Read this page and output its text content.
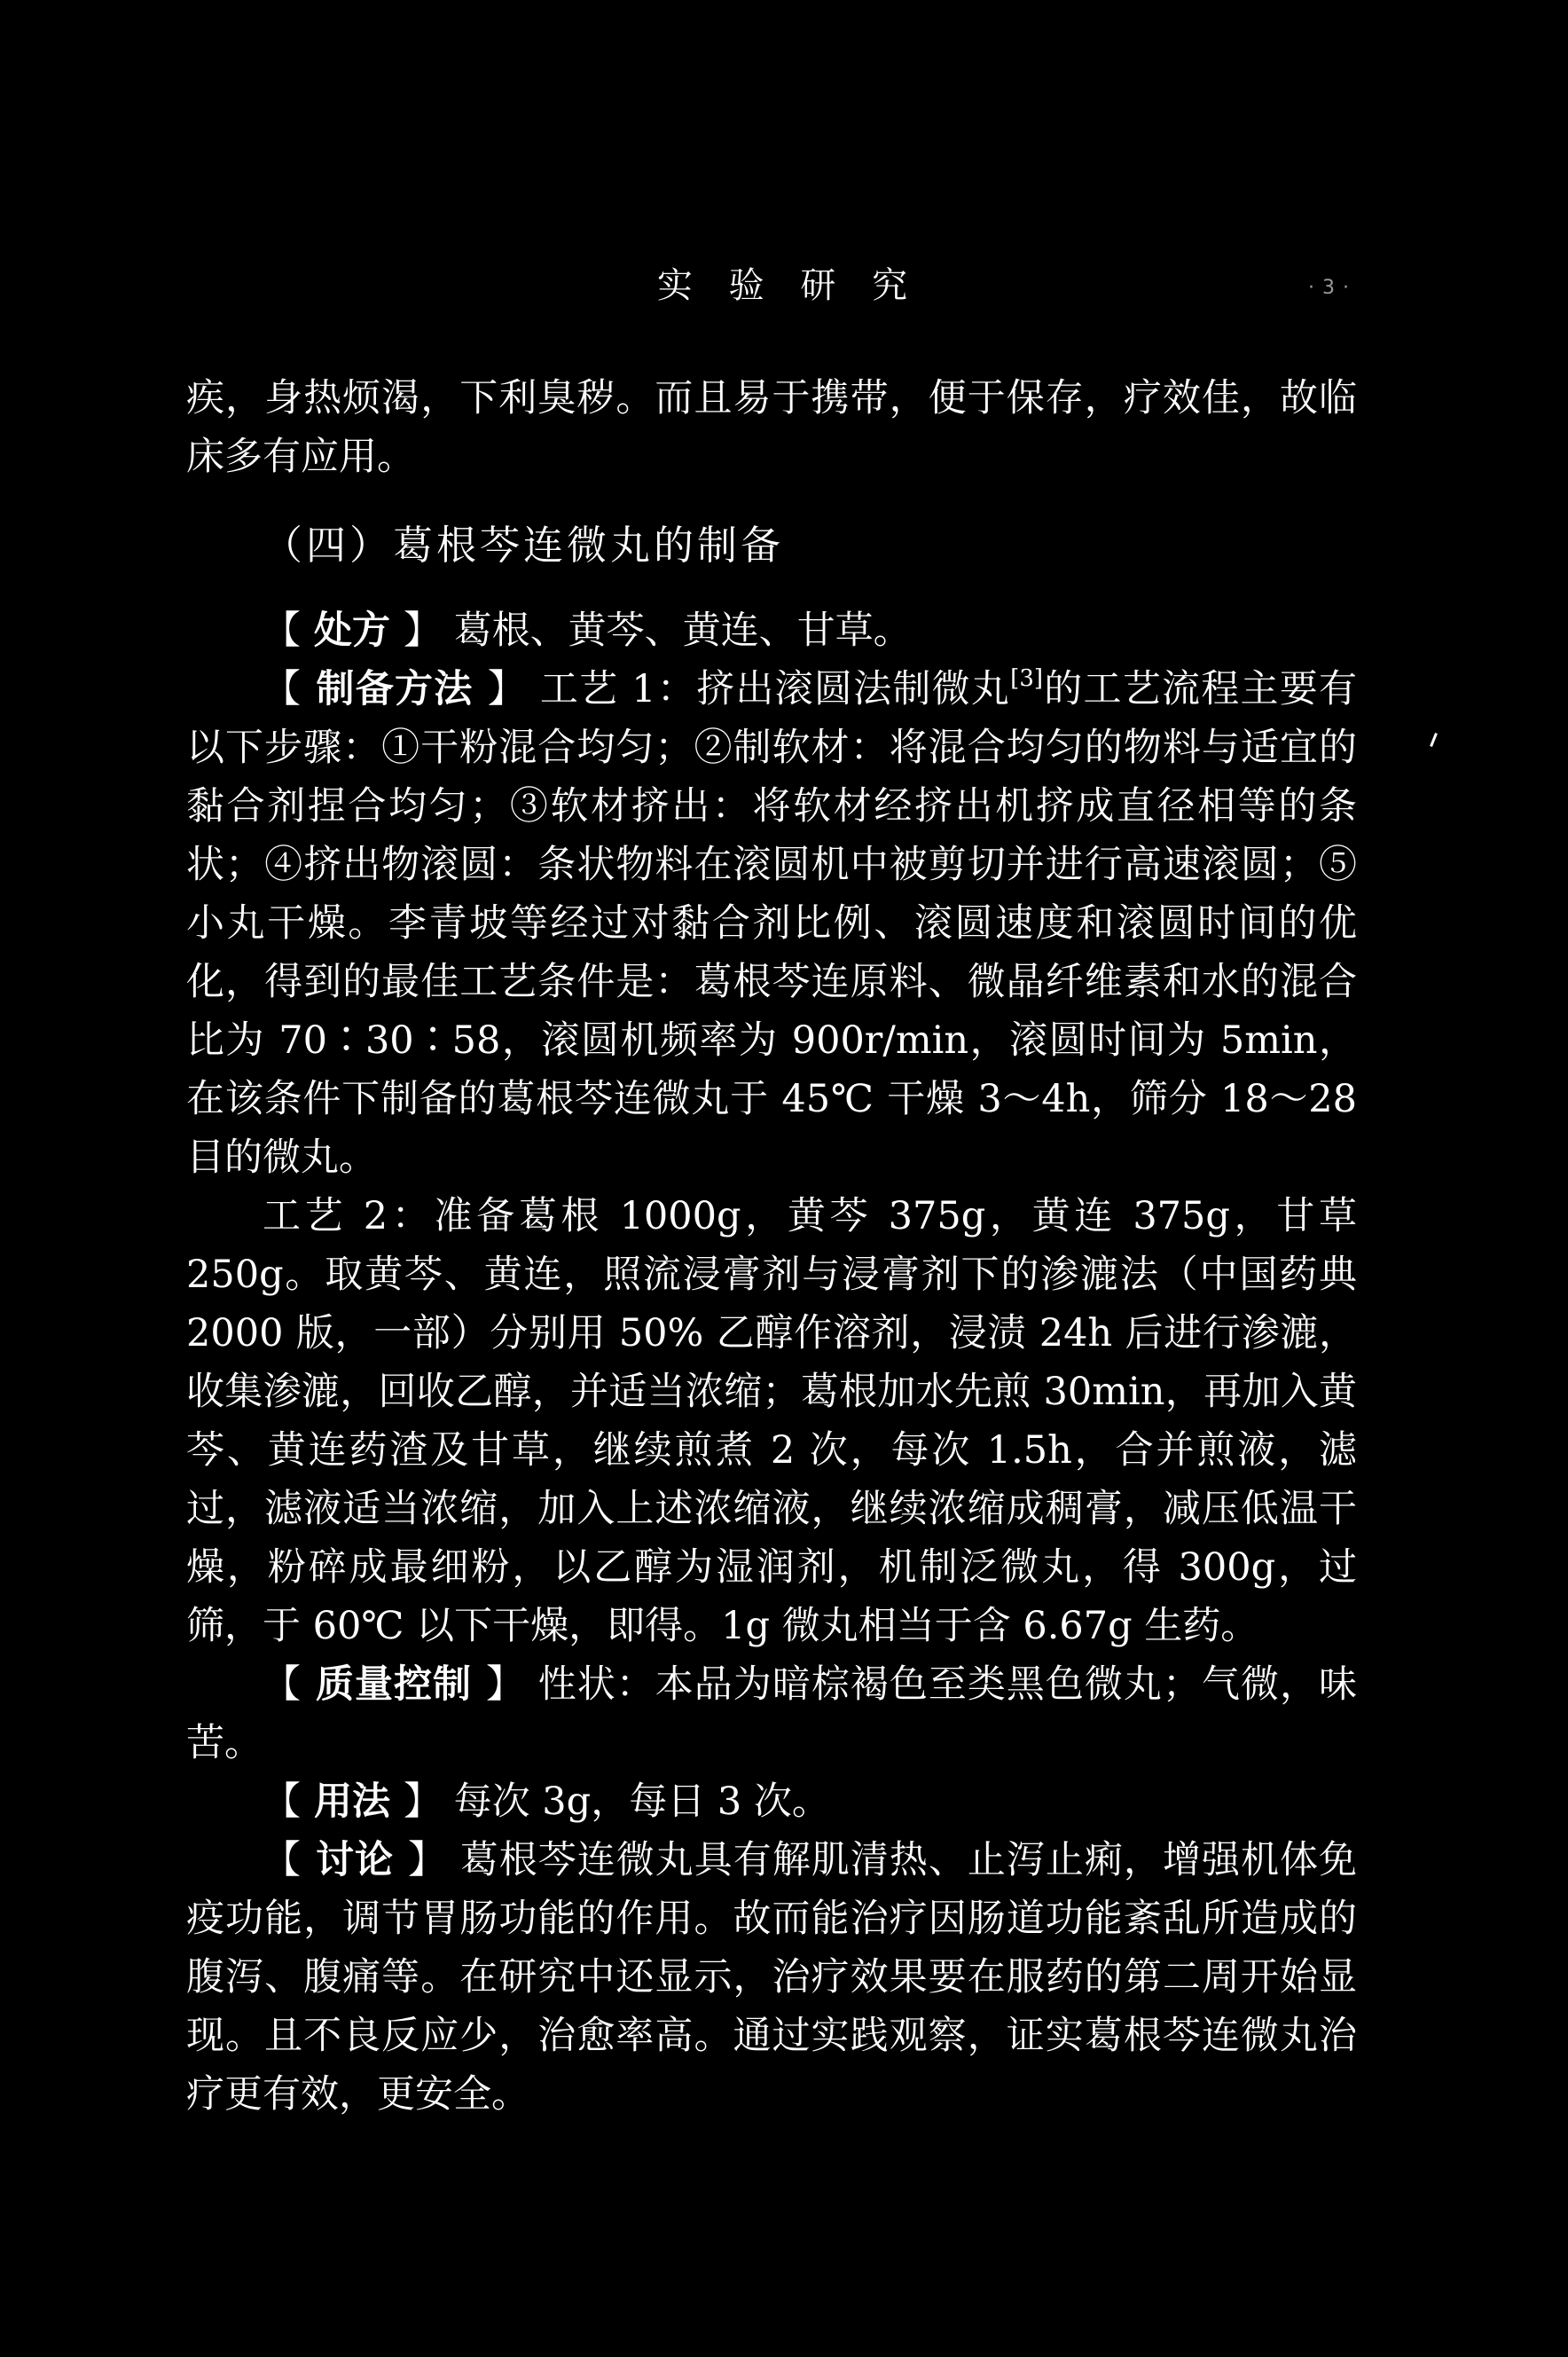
实 验 研 究	· 3 ·

疾，身热烦渴，下利臭秽。而且易于携带，便于保存，疗效佳，故临床多有应用。

（四）葛根芩连微丸的制备

【 处方 】 葛根、黄芩、黄连、甘草。

【 制备方法 】 工艺 1：挤出滚圆法制微丸[3]的工艺流程主要有以下步骤：①干粉混合均匀；②制软材：将混合均匀的物料与适宜的黏合剂捏合均匀；③软材挤出：将软材经挤出机挤成直径相等的条状；④挤出物滚圆：条状物料在滚圆机中被剪切并进行高速滚圆；⑤小丸干燥。李青坡等经过对黏合剂比例、滚圆速度和滚圆时间的优化，得到的最佳工艺条件是：葛根芩连原料、微晶纤维素和水的混合比为 70∶30∶58，滚圆机频率为 900r/min，滚圆时间为 5min，在该条件下制备的葛根芩连微丸于 45℃ 干燥 3～4h，筛分 18～28 目的微丸。

工艺 2：准备葛根 1000g，黄芩 375g，黄连 375g，甘草 250g。取黄芩、黄连，照流浸膏剂与浸膏剂下的渗漉法（中国药典 2000 版，一部）分别用 50% 乙醇作溶剂，浸渍 24h 后进行渗漉，收集渗漉，回收乙醇，并适当浓缩；葛根加水先煎 30min，再加入黄芩、黄连药渣及甘草，继续煎煮 2 次，每次 1.5h，合并煎液，滤过，滤液适当浓缩，加入上述浓缩液，继续浓缩成稠膏，减压低温干燥，粉碎成最细粉，以乙醇为湿润剂，机制泛微丸，得 300g，过筛，于 60℃ 以下干燥，即得。1g 微丸相当于含 6.67g 生药。

【 质量控制 】 性状：本品为暗棕褐色至类黑色微丸；气微，味苦。

【 用法 】 每次 3g，每日 3 次。

【 讨论 】 葛根芩连微丸具有解肌清热、止泻止痢，增强机体免疫功能，调节胃肠功能的作用。故而能治疗因肠道功能紊乱所造成的腹泻、腹痛等。在研究中还显示，治疗效果要在服药的第二周开始显现。且不良反应少，治愈率高。通过实践观察，证实葛根芩连微丸治疗更有效，更安全。
